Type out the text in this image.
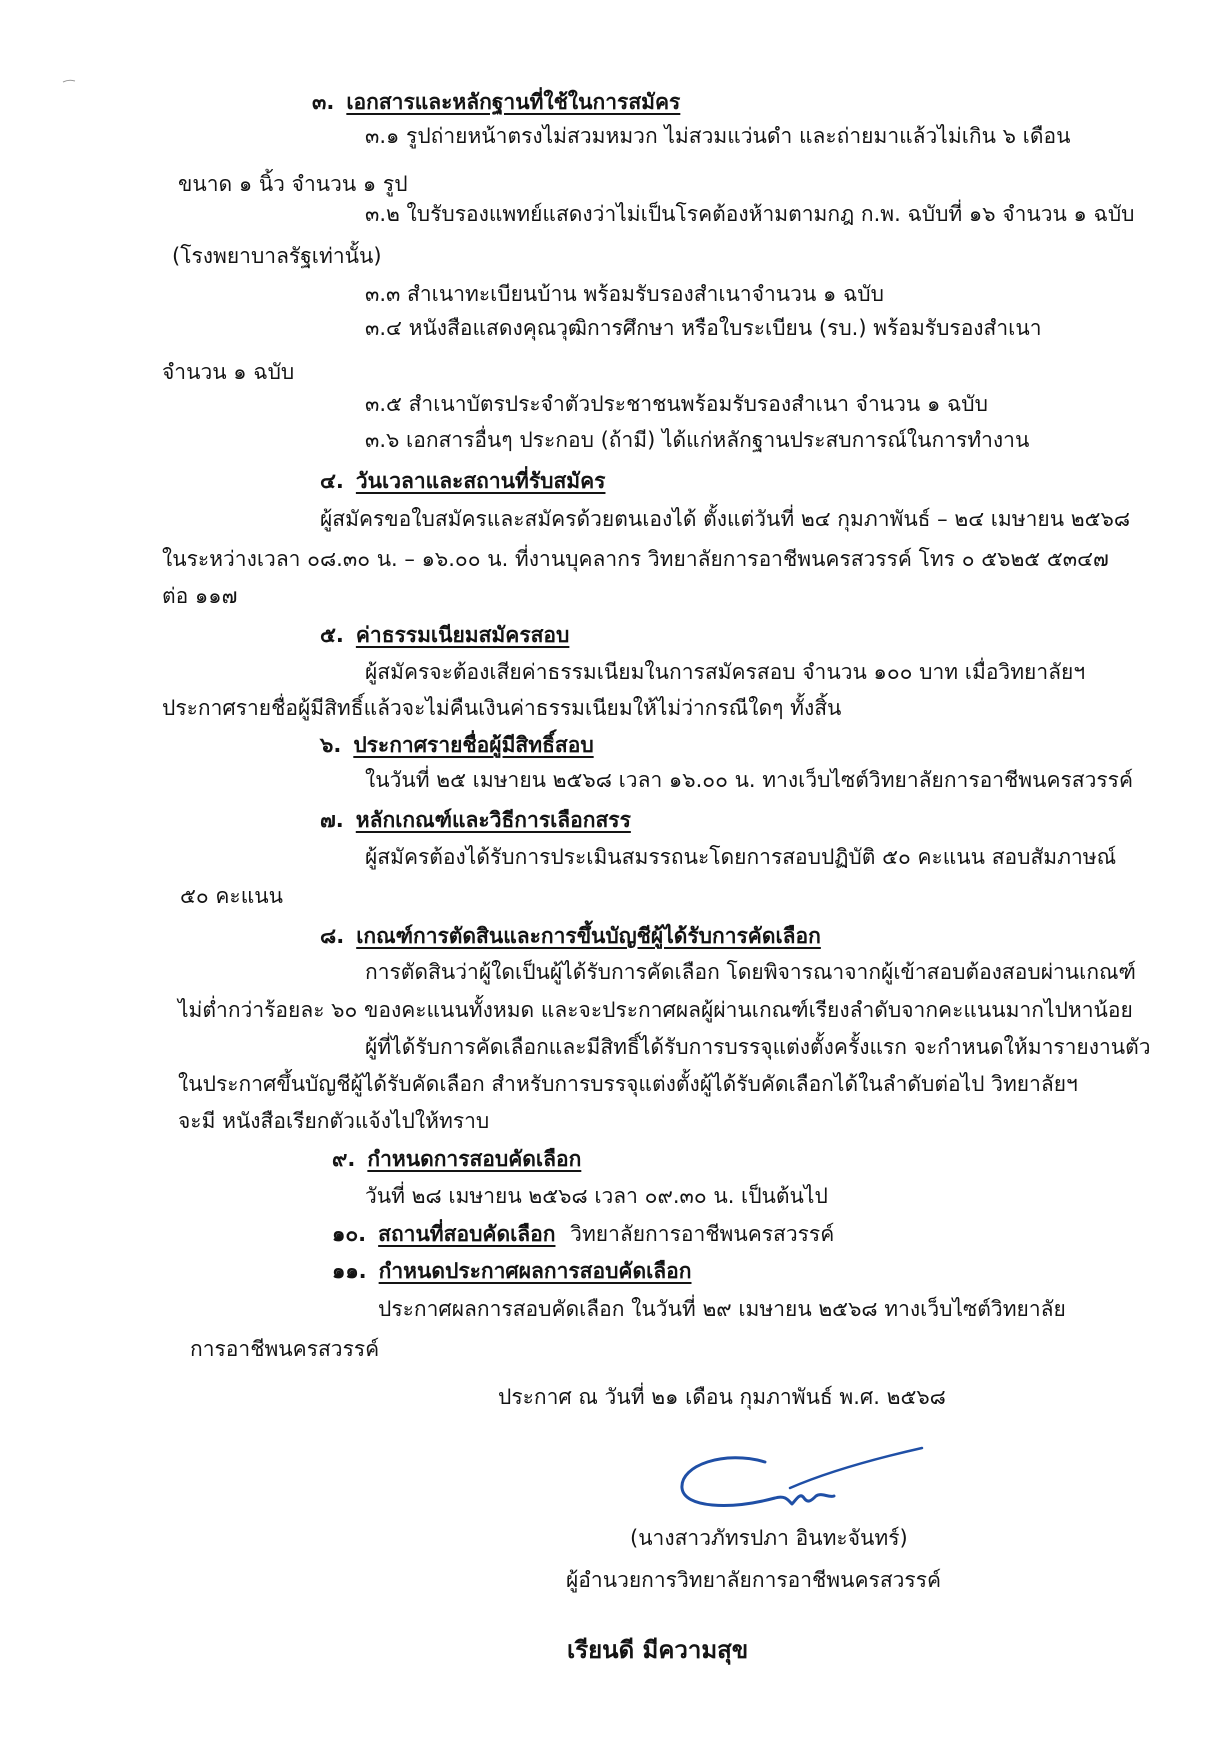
๓. เอกสารและหลักฐานที่ใช้ในการสมัคร
๓.๑ รูปถ่ายหน้าตรงไม่สวมหมวก ไม่สวมแว่นดำ และถ่ายมาแล้วไม่เกิน ๖ เดือน
ขนาด ๑ นิ้ว จำนวน ๑ รูป
๓.๒ ใบรับรองแพทย์แสดงว่าไม่เป็นโรคต้องห้ามตามกฎ ก.พ. ฉบับที่ ๑๖ จำนวน ๑ ฉบับ
(โรงพยาบาลรัฐเท่านั้น)
๓.๓ สำเนาทะเบียนบ้าน พร้อมรับรองสำเนาจำนวน ๑ ฉบับ
๓.๔ หนังสือแสดงคุณวุฒิการศึกษา หรือใบระเบียน (รบ.) พร้อมรับรองสำเนา
จำนวน ๑ ฉบับ
๓.๕ สำเนาบัตรประจำตัวประชาชนพร้อมรับรองสำเนา จำนวน ๑ ฉบับ
๓.๖ เอกสารอื่นๆ ประกอบ (ถ้ามี) ได้แก่หลักฐานประสบการณ์ในการทำงาน
๔. วันเวลาและสถานที่รับสมัคร
ผู้สมัครขอใบสมัครและสมัครด้วยตนเองได้ ตั้งแต่วันที่ ๒๔ กุมภาพันธ์ – ๒๔ เมษายน ๒๕๖๘
ในระหว่างเวลา ๐๘.๓๐ น. – ๑๖.๐๐ น. ที่งานบุคลากร วิทยาลัยการอาชีพนครสวรรค์ โทร ๐ ๕๖๒๕ ๕๓๔๗
ต่อ ๑๑๗
๕. ค่าธรรมเนียมสมัครสอบ
ผู้สมัครจะต้องเสียค่าธรรมเนียมในการสมัครสอบ จำนวน ๑๐๐ บาท เมื่อวิทยาลัยฯ
ประกาศรายชื่อผู้มีสิทธิ์แล้วจะไม่คืนเงินค่าธรรมเนียมให้ไม่ว่ากรณีใดๆ ทั้งสิ้น
๖. ประกาศรายชื่อผู้มีสิทธิ์สอบ
ในวันที่ ๒๕ เมษายน ๒๕๖๘ เวลา ๑๖.๐๐ น. ทางเว็บไซต์วิทยาลัยการอาชีพนครสวรรค์
๗. หลักเกณฑ์และวิธีการเลือกสรร
ผู้สมัครต้องได้รับการประเมินสมรรถนะโดยการสอบปฏิบัติ ๕๐ คะแนน สอบสัมภาษณ์
๕๐ คะแนน
๘. เกณฑ์การตัดสินและการขึ้นบัญชีผู้ได้รับการคัดเลือก
การตัดสินว่าผู้ใดเป็นผู้ได้รับการคัดเลือก โดยพิจารณาจากผู้เข้าสอบต้องสอบผ่านเกณฑ์
ไม่ต่ำกว่าร้อยละ ๖๐ ของคะแนนทั้งหมด และจะประกาศผลผู้ผ่านเกณฑ์เรียงลำดับจากคะแนนมากไปหาน้อย
ผู้ที่ได้รับการคัดเลือกและมีสิทธิ์ได้รับการบรรจุแต่งตั้งครั้งแรก จะกำหนดให้มารายงานตัว
ในประกาศขึ้นบัญชีผู้ได้รับคัดเลือก สำหรับการบรรจุแต่งตั้งผู้ได้รับคัดเลือกได้ในลำดับต่อไป วิทยาลัยฯ
จะมี หนังสือเรียกตัวแจ้งไปให้ทราบ
๙. กำหนดการสอบคัดเลือก
วันที่ ๒๘ เมษายน ๒๕๖๘ เวลา ๐๙.๓๐ น. เป็นต้นไป
๑๐. สถานที่สอบคัดเลือก วิทยาลัยการอาชีพนครสวรรค์
๑๑. กำหนดประกาศผลการสอบคัดเลือก
ประกาศผลการสอบคัดเลือก ในวันที่ ๒๙ เมษายน ๒๕๖๘ ทางเว็บไซต์วิทยาลัย
การอาชีพนครสวรรค์
ประกาศ ณ วันที่ ๒๑ เดือน กุมภาพันธ์ พ.ศ. ๒๕๖๘
(นางสาวภัทรปภา อินทะจันทร์)
ผู้อำนวยการวิทยาลัยการอาชีพนครสวรรค์
เรียนดี มีความสุข
